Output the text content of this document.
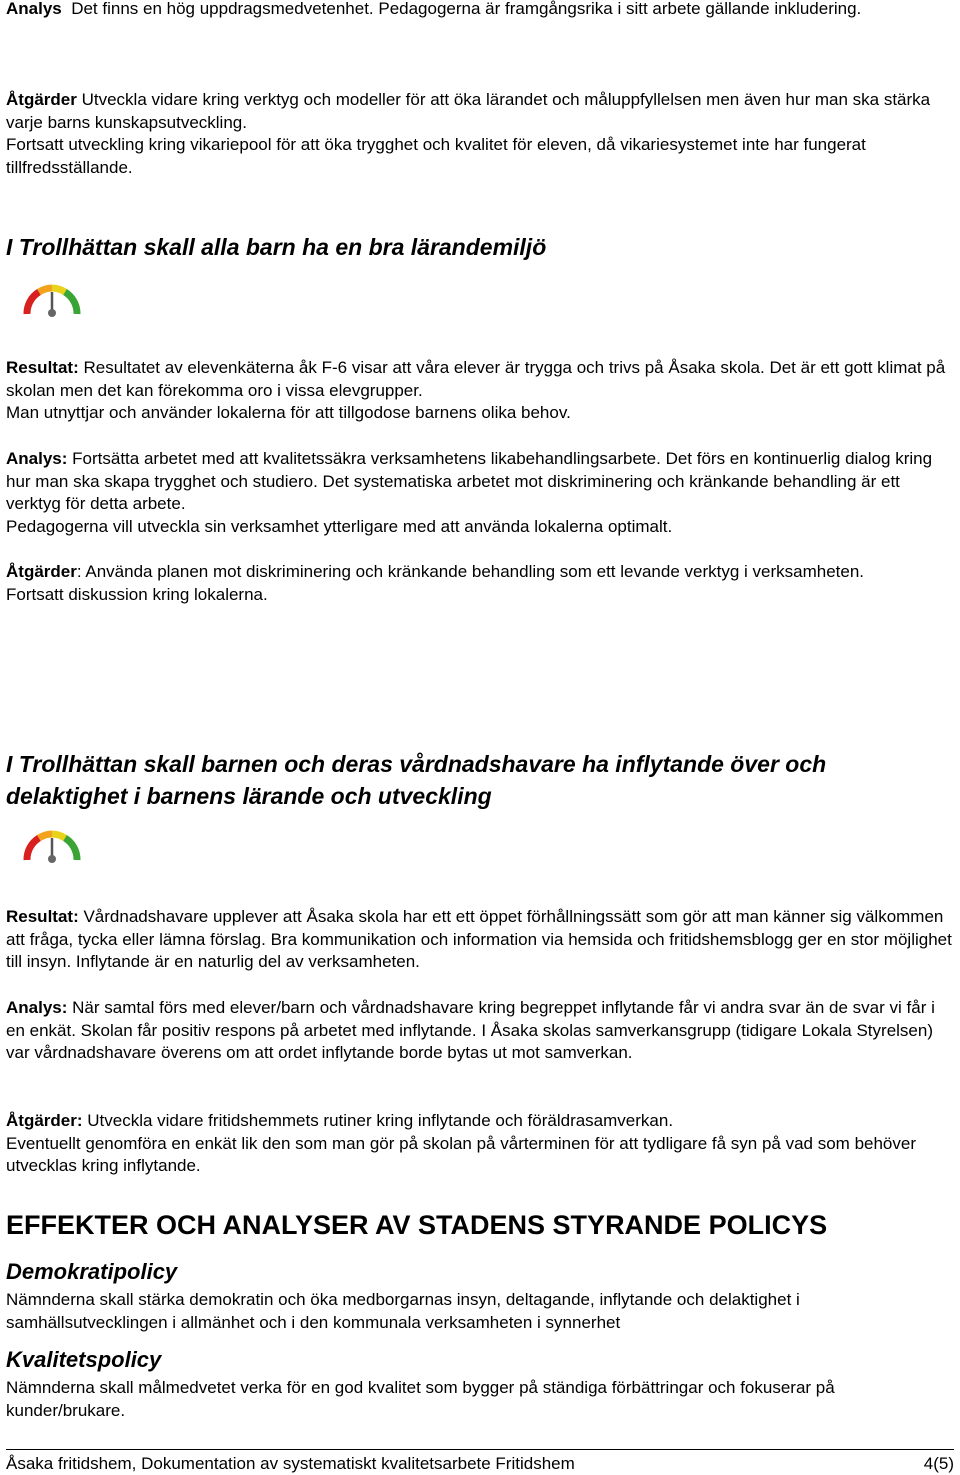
Analys Det finns en hög uppdragsmedvetenhet. Pedagogerna är framgångsrika i sitt arbete gällande inkludering.

Åtgärder Utveckla vidare kring verktyg och modeller för att öka lärandet och måluppfyllelsen men även hur man ska stärka varje barns kunskapsutveckling.
Fortsatt utveckling kring vikariepool för att öka trygghet och kvalitet för eleven, då vikariesystemet inte har fungerat tillfredsställande.

I Trollhättan skall alla barn ha en bra lärandemiljö

Resultat: Resultatet av elevenkäterna åk F-6 visar att våra elever är trygga och trivs på Åsaka skola. Det är ett gott klimat på skolan men det kan förekomma oro i vissa elevgrupper.
Man utnyttjar och använder lokalerna för att tillgodose barnens olika behov.

Analys: Fortsätta arbetet med att kvalitetssäkra verksamhetens likabehandlingsarbete. Det förs en kontinuerlig dialog kring hur man ska skapa trygghet och studiero. Det systematiska arbetet mot diskriminering och kränkande behandling är ett verktyg för detta arbete.
Pedagogerna vill utveckla sin verksamhet ytterligare med att använda lokalerna optimalt.

Åtgärder: Använda planen mot diskriminering och kränkande behandling som ett levande verktyg i verksamheten.
Fortsatt diskussion kring lokalerna.

I Trollhättan skall barnen och deras vårdnadshavare ha inflytande över och delaktighet i barnens lärande och utveckling

Resultat: Vårdnadshavare upplever att Åsaka skola har ett ett öppet förhållningssätt som gör att man känner sig välkommen att fråga, tycka eller lämna förslag. Bra kommunikation och information via hemsida och fritidshemsblogg ger en stor möjlighet till insyn. Inflytande är en naturlig del av verksamheten.

Analys: När samtal förs med elever/barn och vårdnadshavare kring begreppet inflytande får vi andra svar än de svar vi får i en enkät. Skolan får positiv respons på arbetet med inflytande. I Åsaka skolas samverkansgrupp (tidigare Lokala Styrelsen) var vårdnadshavare överens om att ordet inflytande borde bytas ut mot samverkan.

Åtgärder: Utveckla vidare fritidshemmets rutiner kring inflytande och föräldrasamverkan.
Eventuellt genomföra en enkät lik den som man gör på skolan på vårterminen för att tydligare få syn på vad som behöver utvecklas kring inflytande.

EFFEKTER OCH ANALYSER AV STADENS STYRANDE POLICYS
Demokratipolicy

Nämnderna skall stärka demokratin och öka medborgarnas insyn, deltagande, inflytande och delaktighet i samhällsutvecklingen i allmänhet och i den kommunala verksamheten i synnerhet

Kvalitetspolicy

Nämnderna skall målmedvetet verka för en god kvalitet som bygger på ständiga förbättringar och fokuserar på kunder/brukare.

Åsaka fritidshem, Dokumentation av systematiskt kvalitetsarbete Fritidshem	4(5)
